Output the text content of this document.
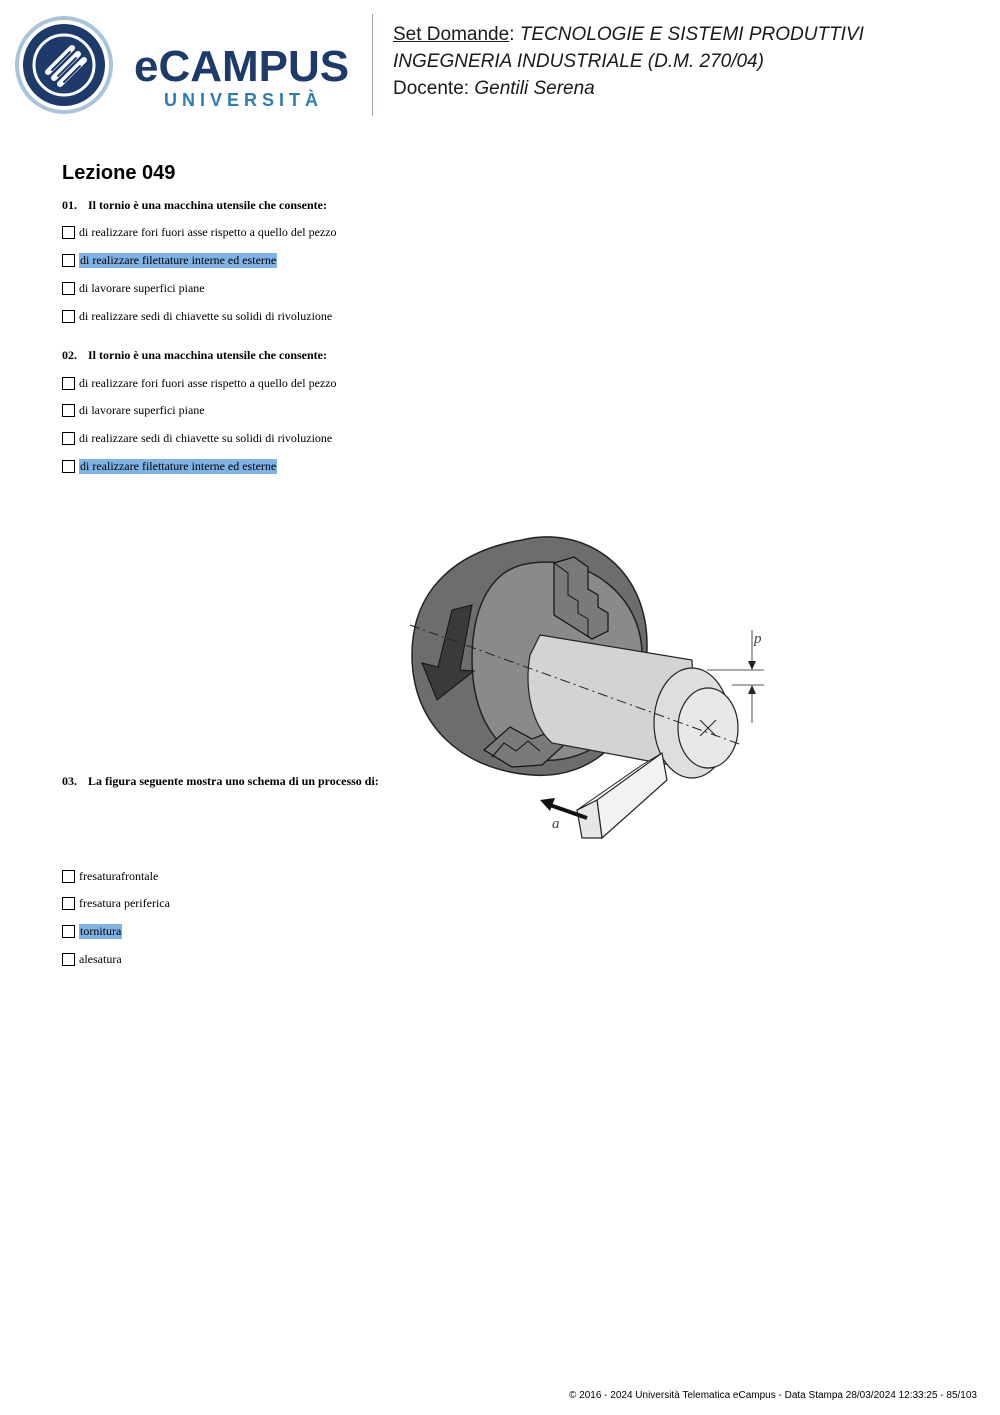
eCAMPUS
UNIVERSITÀ
Set Domande: TECNOLOGIE E SISTEMI PRODUTTIVI
INGEGNERIA INDUSTRIALE (D.M. 270/04)
Docente: Gentili Serena
Lezione 049
01. Il tornio è una macchina utensile che consente:
di realizzare fori fuori asse rispetto a quello del pezzo
di realizzare filettature interne ed esterne
di lavorare superfici piane
di realizzare sedi di chiavette su solidi di rivoluzione
02. Il tornio è una macchina utensile che consente:
di realizzare fori fuori asse rispetto a quello del pezzo
di lavorare superfici piane
di realizzare sedi di chiavette su solidi di rivoluzione
di realizzare filettature interne ed esterne
p
a
03. La figura seguente mostra uno schema di un processo di:
fresaturafrontale
fresatura periferica
tornitura
alesatura
© 2016 - 2024 Università Telematica eCampus - Data Stampa 28/03/2024 12:33:25 - 85/103
